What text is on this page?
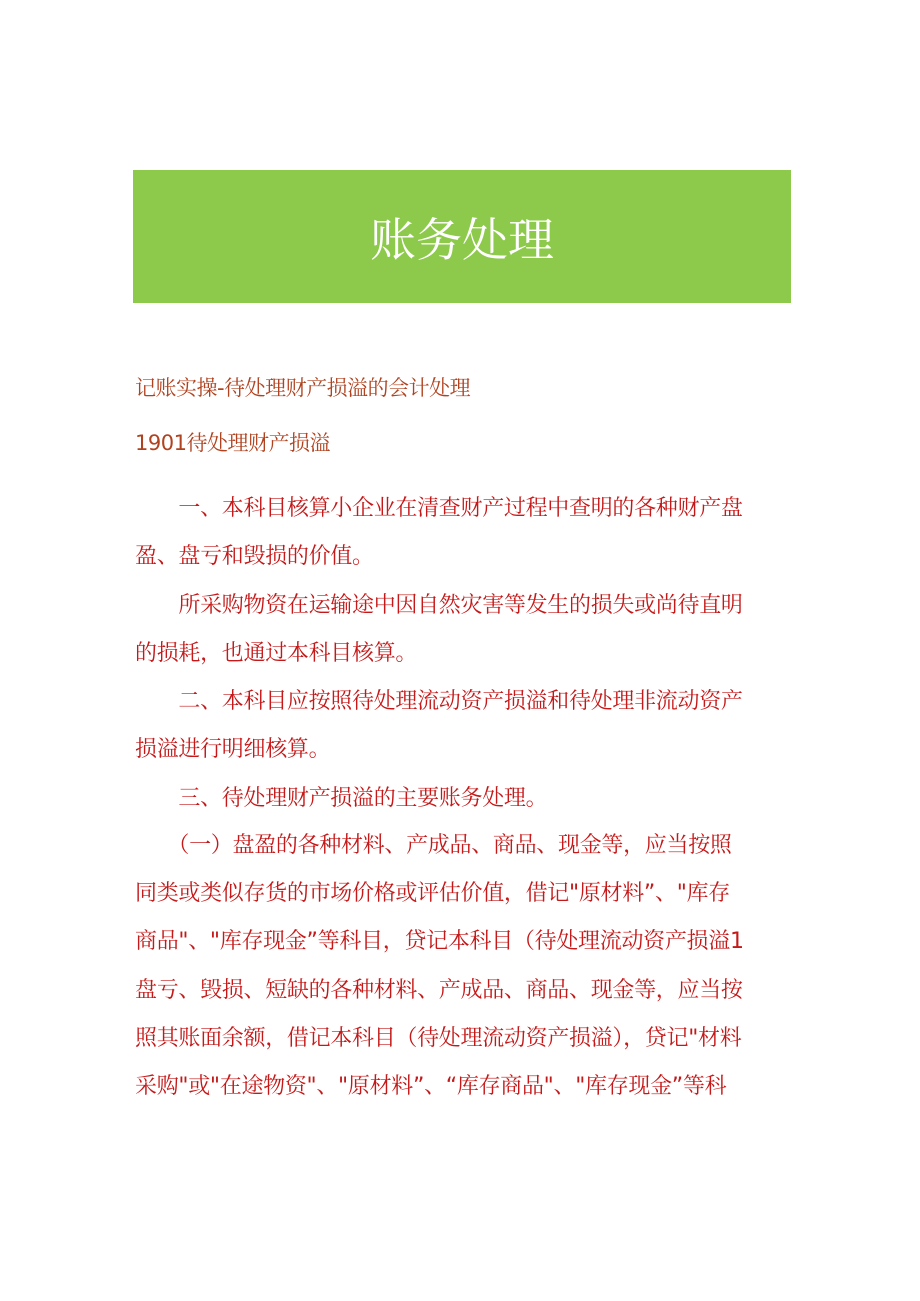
账务处理
记账实操-待处理财产损溢的会计处理
1901待处理财产损溢
　　一、本科目核算小企业在清查财产过程中查明的各种财产盘
盈、盘亏和毁损的价值。
　　所采购物资在运输途中因自然灾害等发生的损失或尚待直明
的损耗，也通过本科目核算。
　　二、本科目应按照待处理流动资产损溢和待处理非流动资产
损溢进行明细核算。
　　三、待处理财产损溢的主要账务处理。
　　（一）盘盈的各种材料、产成品、商品、现金等，应当按照
同类或类似存货的市场价格或评估价值，借记"原材料”、"库存
商品"、"库存现金”等科目，贷记本科目（待处理流动资产损溢1
盘亏、毁损、短缺的各种材料、产成品、商品、现金等，应当按
照其账面余额，借记本科目（待处理流动资产损溢），贷记"材料
采购"或"在途物资"、"原材料”、“库存商品"、"库存现金”等科
